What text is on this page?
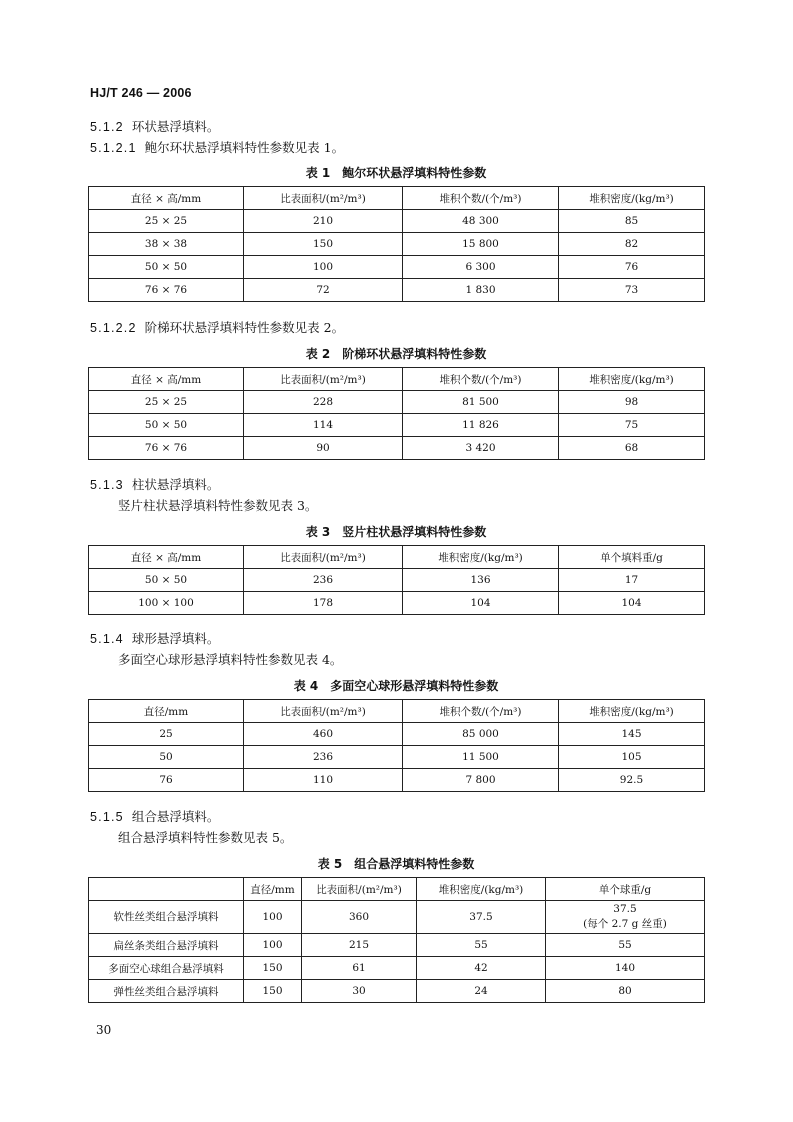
HJ/T 246 — 2006
5.1.2 环状悬浮填料。
5.1.2.1 鲍尔环状悬浮填料特性参数见表 1。
表 1　鲍尔环状悬浮填料特性参数
直径 × 高/mm	比表面积/(m²/m³)	堆积个数/(个/m³)	堆积密度/(kg/m³)
25 × 25	210	48 300	85
38 × 38	150	15 800	82
50 × 50	100	6 300	76
76 × 76	72	1 830	73
5.1.2.2 阶梯环状悬浮填料特性参数见表 2。
表 2　阶梯环状悬浮填料特性参数
直径 × 高/mm	比表面积/(m²/m³)	堆积个数/(个/m³)	堆积密度/(kg/m³)
25 × 25	228	81 500	98
50 × 50	114	11 826	75
76 × 76	90	3 420	68
5.1.3 柱状悬浮填料。
竖片柱状悬浮填料特性参数见表 3。
表 3　竖片柱状悬浮填料特性参数
直径 × 高/mm	比表面积/(m²/m³)	堆积密度/(kg/m³)	单个填料重/g
50 × 50	236	136	17
100 × 100	178	104	104
5.1.4 球形悬浮填料。
多面空心球形悬浮填料特性参数见表 4。
表 4　多面空心球形悬浮填料特性参数
直径/mm	比表面积/(m²/m³)	堆积个数/(个/m³)	堆积密度/(kg/m³)
25	460	85 000	145
50	236	11 500	105
76	110	7 800	92.5
5.1.5 组合悬浮填料。
组合悬浮填料特性参数见表 5。
表 5　组合悬浮填料特性参数
	直径/mm	比表面积/(m²/m³)	堆积密度/(kg/m³)	单个球重/g
软性丝类组合悬浮填料	100	360	37.5	37.5
(每个 2.7 g 丝重)

扁丝条类组合悬浮填料	100	215	55	55
多面空心球组合悬浮填料	150	61	42	140
弹性丝类组合悬浮填料	150	30	24	80
30
